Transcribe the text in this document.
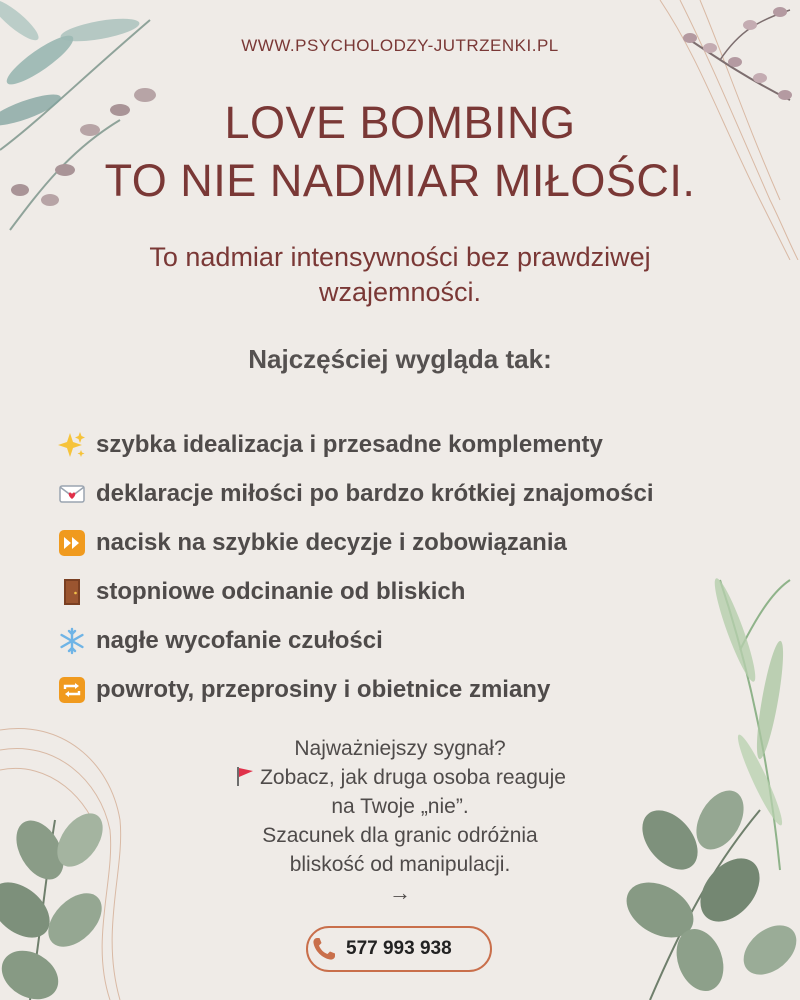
WWW.PSYCHOLODZY-JUTRZENKI.PL
LOVE BOMBING
TO NIE NADMIAR MIŁOŚCI.
To nadmiar intensywności bez prawdziwej
wzajemności.
Najczęściej wygląda tak:
szybka idealizacja i przesadne komplementy
deklaracje miłości po bardzo krótkiej znajomości
nacisk na szybkie decyzje i zobowiązania
stopniowe odcinanie od bliskich
nagłe wycofanie czułości
powroty, przeprosiny i obietnice zmiany
Najważniejszy sygnał?
Zobacz, jak druga osoba reaguje
na Twoje „nie”.
Szacunek dla granic odróżnia
bliskość od manipulacji.
→
577 993 938
